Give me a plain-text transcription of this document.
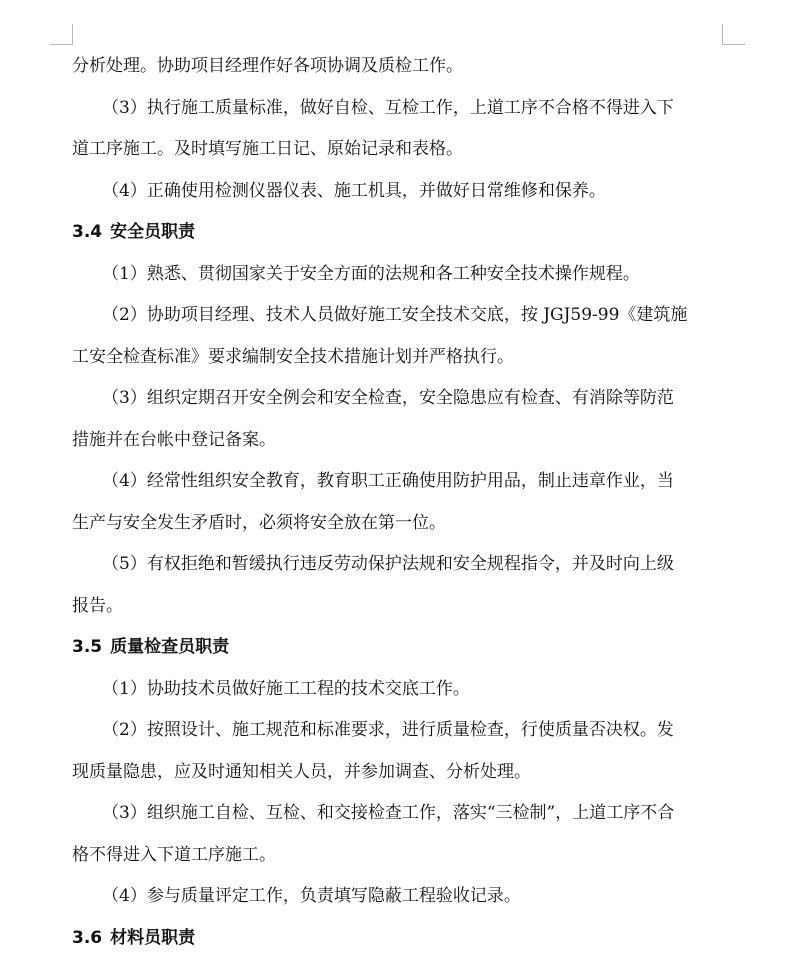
分析处理。协助项目经理作好各项协调及质检工作。

（3）执行施工质量标准，做好自检、互检工作，上道工序不合格不得进入下

道工序施工。及时填写施工日记、原始记录和表格。

（4）正确使用检测仪器仪表、施工机具，并做好日常维修和保养。

3.4 安全员职责

（1）熟悉、贯彻国家关于安全方面的法规和各工种安全技术操作规程。

（2）协助项目经理、技术人员做好施工安全技术交底，按 JGJ59-99《建筑施

工安全检查标准》要求编制安全技术措施计划并严格执行。

（3）组织定期召开安全例会和安全检查，安全隐患应有检查、有消除等防范

措施并在台帐中登记备案。

（4）经常性组织安全教育，教育职工正确使用防护用品，制止违章作业，当

生产与安全发生矛盾时，必须将安全放在第一位。

（5）有权拒绝和暂缓执行违反劳动保护法规和安全规程指令，并及时向上级

报告。

3.5 质量检查员职责

（1）协助技术员做好施工工程的技术交底工作。

（2）按照设计、施工规范和标准要求，进行质量检查，行使质量否决权。发

现质量隐患，应及时通知相关人员，并参加调查、分析处理。

（3）组织施工自检、互检、和交接检查工作，落实“三检制”，上道工序不合

格不得进入下道工序施工。

（4）参与质量评定工作，负责填写隐蔽工程验收记录。

3.6 材料员职责
